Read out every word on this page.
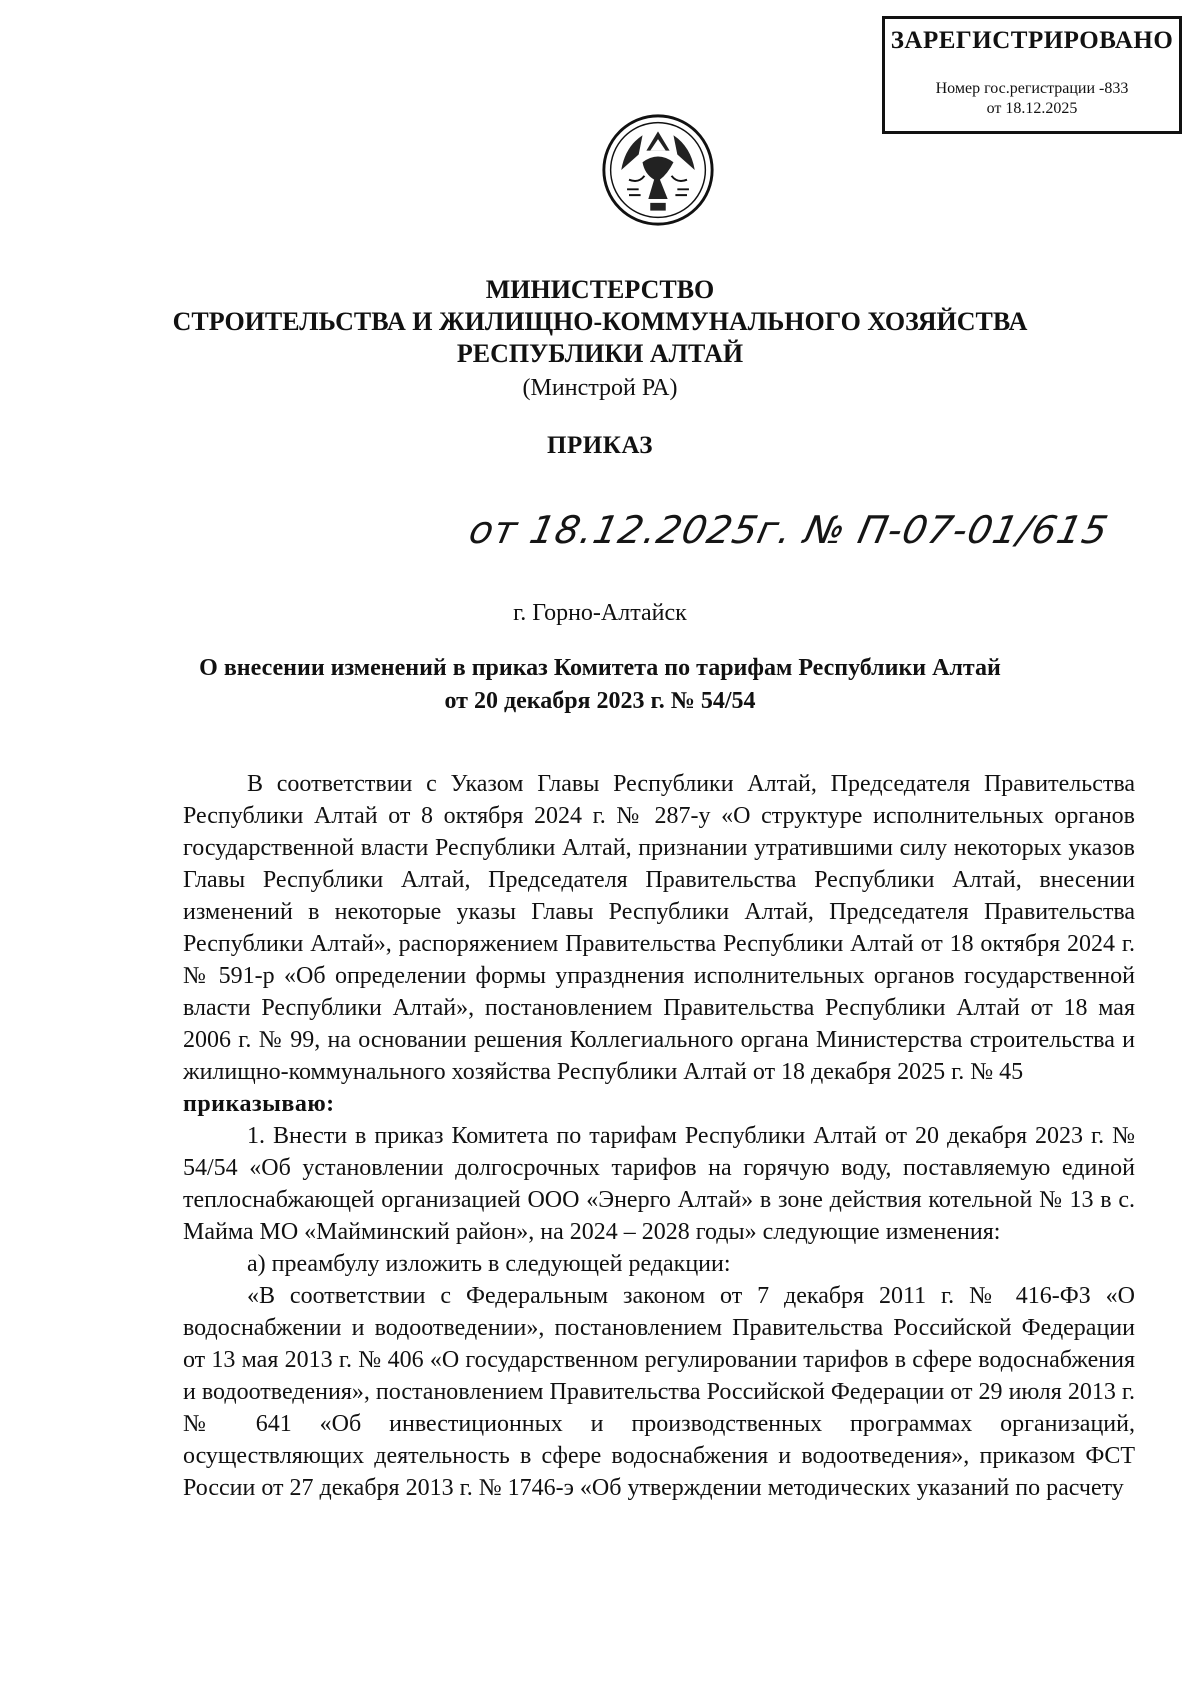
ЗАРЕГИСТРИРОВАНО
Номер гос.регистрации -833
от 18.12.2025
МИНИСТЕРСТВО
СТРОИТЕЛЬСТВА И ЖИЛИЩНО-КОММУНАЛЬНОГО ХОЗЯЙСТВА
РЕСПУБЛИКИ АЛТАЙ
(Минстрой РА)
ПРИКАЗ
от 18.12.2025г. № П-07-01/615
г. Горно-Алтайск
О внесении изменений в приказ Комитета по тарифам Республики Алтай
от 20 декабря 2023 г. № 54/54

В соответствии с Указом Главы Республики Алтай, Председателя Правительства Республики Алтай от 8 октября 2024 г. № 287-у «О структуре исполнительных органов государственной власти Республики Алтай, признании утратившими силу некоторых указов Главы Республики Алтай, Председателя Правительства Республики Алтай, внесении изменений в некоторые указы Главы Республики Алтай, Председателя Правительства Республики Алтай», распоряжением Правительства Республики Алтай от 18 октября 2024 г. № 591-р «Об определении формы упразднения исполнительных органов государственной власти Республики Алтай», постановлением Правительства Республики Алтай от 18 мая 2006 г. № 99, на основании решения Коллегиального органа Министерства строительства и жилищно-коммунального хозяйства Республики Алтай от 18 декабря 2025 г. № 45

приказываю:

1. Внести в приказ Комитета по тарифам Республики Алтай от 20 декабря 2023 г. № 54/54 «Об установлении долгосрочных тарифов на горячую воду, поставляемую единой теплоснабжающей организацией ООО «Энерго Алтай» в зоне действия котельной № 13 в с. Майма МО «Майминский район», на 2024 – 2028 годы» следующие изменения:

а) преамбулу изложить в следующей редакции:

«В соответствии с Федеральным законом от 7 декабря 2011 г. № 416-ФЗ «О водоснабжении и водоотведении», постановлением Правительства Российской Федерации от 13 мая 2013 г. № 406 «О государственном регулировании тарифов в сфере водоснабжения и водоотведения», постановлением Правительства Российской Федерации от 29 июля 2013 г. № 641 «Об инвестиционных и производственных программах организаций, осуществляющих деятельность в сфере водоснабжения и водоотведения», приказом ФСТ России от 27 декабря 2013 г. № 1746-э «Об утверждении методических указаний по расчету
